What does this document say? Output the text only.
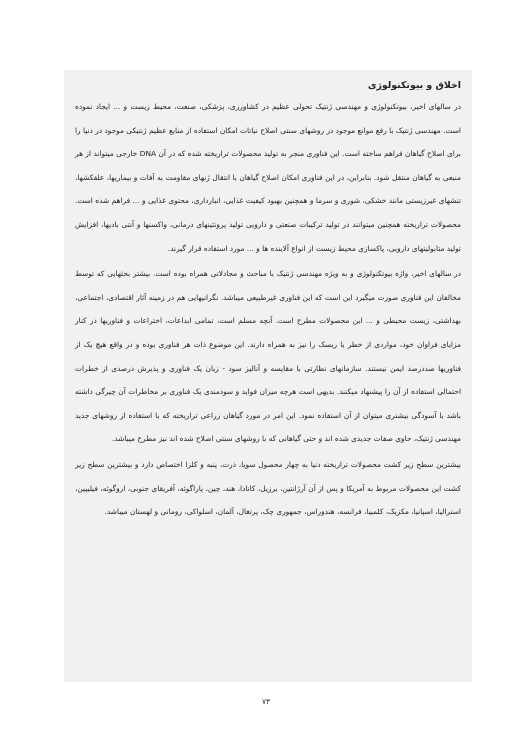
اخلاق و بیوتکنولوژی

در سالهای اخیر، بیوتکنولوژی و مهندسی ژنتیک تحولی عظیم در کشاورزی، پزشکی، صنعت، محیط زیست و ... ایجاد نموده است. مهندسی ژنتیک با رفع موانع موجود در روشهای سنتی اصلاح نباتات امکان استفاده از منابع عظیم ژنتیکی موجود در دنیا را برای اصلاح گیاهان فراهم ساخته است. این فناوری منجر به تولید محصولات تراریخته شده که در آن DNA خارجی میتواند از هر منبعی به گیاهان منتقل شود. بنابراین، در این فناوری امکان اصلاح گیاهان با انتقال ژنهای مقاومت به آفات و بیماریها، علفکشها، تنشهای غیرزیستی مانند خشکی، شوری و سرما و همچنین بهبود کیفیت غذایی، انبارداری، محتوی غذایی و ... فراهم شده است. محصولات تراریخته همچنین میتوانند در تولید ترکیبات صنعتی و دارویی تولید پروتئینهای درمانی، واکسنها و آنتی بادیها، افزایش تولید متابولیتهای دارویی، پاکسازی محیط زیست از انواع آلاینده ها و ... مورد استفاده قرار گیرند.

در سالهای اخیر، واژه بیوتکنولوژی و به ویژه مهندسی ژنتیک با مباحث و مجادلاتی همراه بوده است. بیشتر بحثهایی که توسط مخالفان این فناوری صورت میگیرد این است که این فناوری غیرطبیعی میباشد. نگرانیهایی هم در زمینه آثار اقتصادی، اجتماعی، بهداشتی، زیست محیطی و ... این محصولات مطرح است. آنچه مسلم است، تمامی ابداعات، اختراعات و فناوریها در کنار مزایای فراوان خود، مواردی از خطر یا ریسک را نیز به همراه دارند. این موضوع ذات هر فناوری بوده و در واقع هیچ یک از فناوریها صددرصد ایمن نیستند. سازمانهای نظارتی با مقایسه و آنالیز سود - زیان یک فناوری و پذیرش درصدی از خطرات احتمالی استفاده از آن را پیشنهاد میکنند. بدیهی است هرچه میزان فواید و سودمندی یک فناوری بر مخاطرات آن چیرگی داشته باشد با آسودگی بیشتری میتوان از آن استفاده نمود. این امر در مورد گیاهان زراعی تراریخته که با استفاده از روشهای جدید مهندسی ژنتیک، حاوی صفات جدیدی شده اند و حتی گیاهانی که با روشهای سنتی اصلاح شده اند نیز مطرح میباشد.

بیشترین سطح زیر کشت محصولات تراریخته دنیا به چهار محصول سویا، ذرت، پنبه و کلزا اختصاص دارد و بیشترین سطح زیر کشت این محصولات مربوط به آمریکا و پس از آن آرژانتین، برزیل، کانادا، هند، چین، پاراگوئه، آفریقای جنوبی، اروگوئه، فیلیپین، استرالیا، اسپانیا، مکزیک، کلمبیا، فرانسه، هندوراس، جمهوری چک، پرتغال، آلمان، اسلواکی، رومانی و لهستان میباشد.

۷۳
